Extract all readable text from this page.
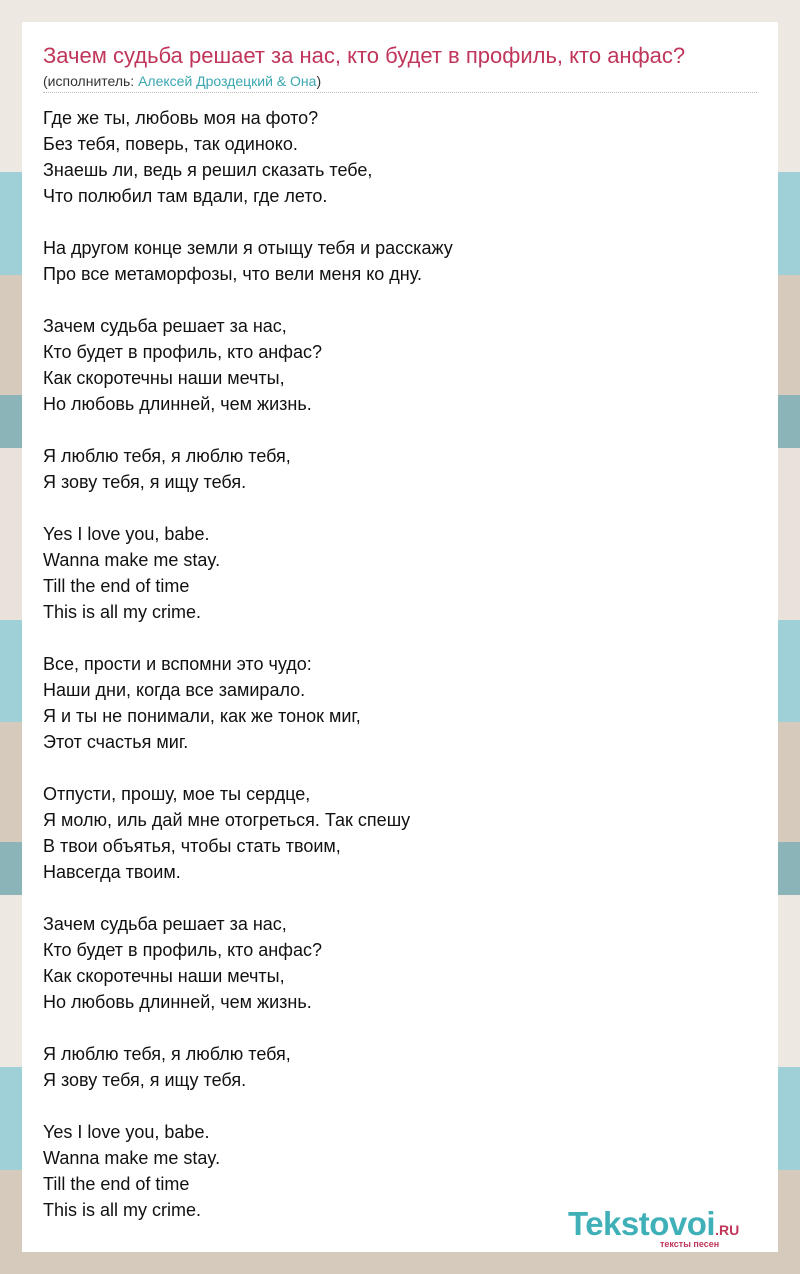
Зачем судьба решает за нас, кто будет в профиль, кто анфас?
(исполнитель: Алексей Дроздецкий & Она)
Где же ты, любовь моя на фото?
Без тебя, поверь, так одиноко.
Знаешь ли, ведь я решил сказать тебе,
Что полюбил там вдали, где лето.
На другом конце земли я отыщу тебя и расскажу
Про все метаморфозы, что вели меня ко дну.
Зачем судьба решает за нас,
Кто будет в профиль, кто анфас?
Как скоротечны наши мечты,
Но любовь длинней, чем жизнь.
Я люблю тебя, я люблю тебя,
Я зову тебя, я ищу тебя.
Yes I love you, babe.
Wanna make me stay.
Till the end of time
This is all my crime.
Все, прости и вспомни это чудо:
Наши дни, когда все замирало.
Я и ты не понимали, как же тонок миг,
Этот счастья миг.
Отпусти, прошу, мое ты сердце,
Я молю, иль дай мне отогреться. Так спешу
В твои объятья, чтобы стать твоим,
Навсегда твоим.
Зачем судьба решает за нас,
Кто будет в профиль, кто анфас?
Как скоротечны наши мечты,
Но любовь длинней, чем жизнь.
Я люблю тебя, я люблю тебя,
Я зову тебя, я ищу тебя.
Yes I love you, babe.
Wanna make me stay.
Till the end of time
This is all my crime.	Tekstovoi.RU
тексты песен
